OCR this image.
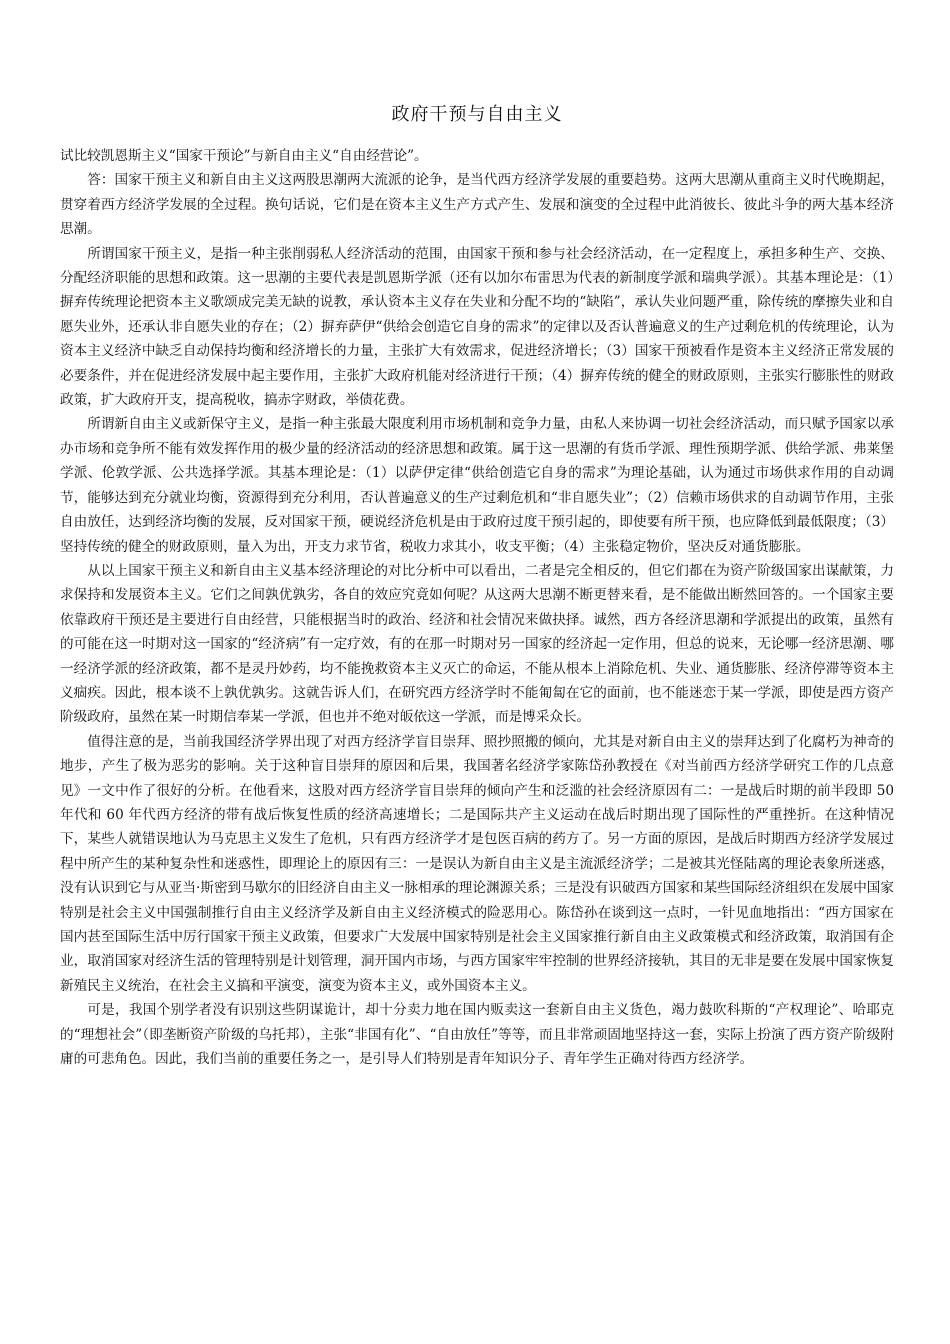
政府干预与自由主义

试比较凯恩斯主义“国家干预论”与新自由主义“自由经营论”。

答：国家干预主义和新自由主义这两股思潮两大流派的论争，是当代西方经济学发展的重要趋势。这两大思潮从重商主义时代晚期起，贯穿着西方经济学发展的全过程。换句话说，它们是在资本主义生产方式产生、发展和演变的全过程中此消彼长、彼此斗争的两大基本经济思潮。

所谓国家干预主义，是指一种主张削弱私人经济活动的范围，由国家干预和参与社会经济活动，在一定程度上，承担多种生产、交换、分配经济职能的思想和政策。这一思潮的主要代表是凯恩斯学派（还有以加尔布雷思为代表的新制度学派和瑞典学派）。其基本理论是：（1）摒弃传统理论把资本主义歌颂成完美无缺的说教，承认资本主义存在失业和分配不均的“缺陷”，承认失业问题严重，除传统的摩擦失业和自愿失业外，还承认非自愿失业的存在；（2）摒弃萨伊“供给会创造它自身的需求”的定律以及否认普遍意义的生产过剩危机的传统理论，认为资本主义经济中缺乏自动保持均衡和经济增长的力量，主张扩大有效需求，促进经济增长；（3）国家干预被看作是资本主义经济正常发展的必要条件，并在促进经济发展中起主要作用，主张扩大政府机能对经济进行干预；（4）摒弃传统的健全的财政原则，主张实行膨胀性的财政政策，扩大政府开支，提高税收，搞赤字财政，举债花费。

所谓新自由主义或新保守主义，是指一种主张最大限度利用市场机制和竞争力量，由私人来协调一切社会经济活动，而只赋予国家以承办市场和竞争所不能有效发挥作用的极少量的经济活动的经济思想和政策。属于这一思潮的有货币学派、理性预期学派、供给学派、弗莱堡学派、伦敦学派、公共选择学派。其基本理论是：（1）以萨伊定律“供给创造它自身的需求”为理论基础，认为通过市场供求作用的自动调节，能够达到充分就业均衡，资源得到充分利用，否认普遍意义的生产过剩危机和“非自愿失业”；（2）信赖市场供求的自动调节作用，主张自由放任，达到经济均衡的发展，反对国家干预，硬说经济危机是由于政府过度干预引起的，即使要有所干预，也应降低到最低限度；（3）坚持传统的健全的财政原则，量入为出，开支力求节省，税收力求其小，收支平衡；（4）主张稳定物价，坚决反对通货膨胀。

从以上国家干预主义和新自由主义基本经济理论的对比分析中可以看出，二者是完全相反的，但它们都在为资产阶级国家出谋献策，力求保持和发展资本主义。它们之间孰优孰劣，各自的效应究竟如何呢？从这两大思潮不断更替来看，是不能做出断然回答的。一个国家主要依靠政府干预还是主要进行自由经营，只能根据当时的政治、经济和社会情况来做抉择。诚然，西方各经济思潮和学派提出的政策，虽然有的可能在这一时期对这一国家的“经济病”有一定疗效，有的在那一时期对另一国家的经济起一定作用，但总的说来，无论哪一经济思潮、哪一经济学派的经济政策，都不是灵丹妙药，均不能挽救资本主义灭亡的命运，不能从根本上消除危机、失业、通货膨胀、经济停滞等资本主义痼疾。因此，根本谈不上孰优孰劣。这就告诉人们，在研究西方经济学时不能匍匐在它的面前，也不能迷恋于某一学派，即使是西方资产阶级政府，虽然在某一时期信奉某一学派，但也并不绝对皈依这一学派，而是博采众长。

值得注意的是，当前我国经济学界出现了对西方经济学盲目崇拜、照抄照搬的倾向，尤其是对新自由主义的崇拜达到了化腐朽为神奇的地步，产生了极为恶劣的影响。关于这种盲目崇拜的原因和后果，我国著名经济学家陈岱孙教授在《对当前西方经济学研究工作的几点意见》一文中作了很好的分析。在他看来，这股对西方经济学盲目崇拜的倾向产生和泛滥的社会经济原因有二：一是战后时期的前半段即 50 年代和 60 年代西方经济的带有战后恢复性质的经济高速增长；二是国际共产主义运动在战后时期出现了国际性的严重挫折。在这种情况下，某些人就错误地认为马克思主义发生了危机，只有西方经济学才是包医百病的药方了。另一方面的原因，是战后时期西方经济学发展过程中所产生的某种复杂性和迷惑性，即理论上的原因有三：一是误认为新自由主义是主流派经济学；二是被其光怪陆离的理论表象所迷惑，没有认识到它与从亚当·斯密到马歇尔的旧经济自由主义一脉相承的理论渊源关系；三是没有识破西方国家和某些国际经济组织在发展中国家特别是社会主义中国强制推行自由主义经济学及新自由主义经济模式的险恶用心。陈岱孙在谈到这一点时，一针见血地指出：“西方国家在国内甚至国际生活中厉行国家干预主义政策，但要求广大发展中国家特别是社会主义国家推行新自由主义政策模式和经济政策，取消国有企业，取消国家对经济生活的管理特别是计划管理，洞开国内市场，与西方国家牢牢控制的世界经济接轨，其目的无非是要在发展中国家恢复新殖民主义统治，在社会主义搞和平演变，演变为资本主义，或外国资本主义。

可是，我国个别学者没有识别这些阴谋诡计，却十分卖力地在国内贩卖这一套新自由主义货色，竭力鼓吹科斯的“产权理论”、哈耶克的“理想社会”（即垄断资产阶级的乌托邦），主张“非国有化”、“自由放任”等等，而且非常顽固地坚持这一套，实际上扮演了西方资产阶级附庸的可悲角色。因此，我们当前的重要任务之一，是引导人们特别是青年知识分子、青年学生正确对待西方经济学。
